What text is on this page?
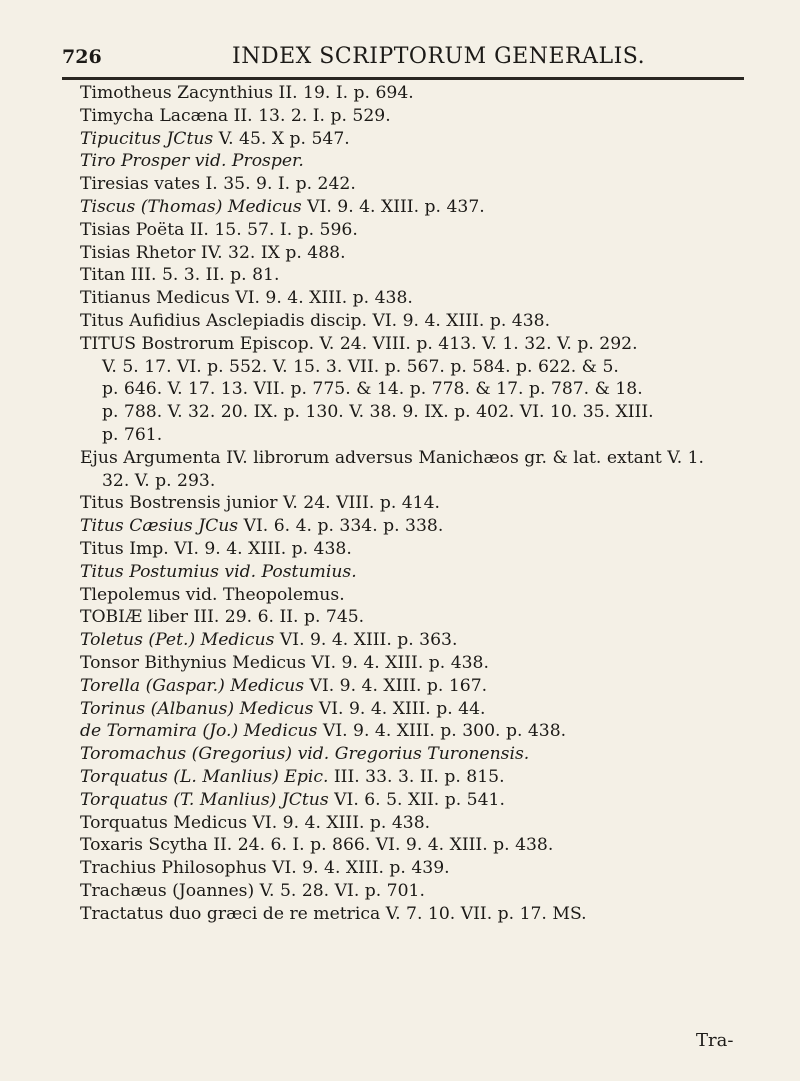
726	INDEX SCRIPTORUM GENERALIS.
Timotheus Zacynthius II. 19. I. p. 694.
Timycha Lacæna II. 13. 2. I. p. 529.
Tipucitus JCtus V. 45. X p. 547.
Tiro Prosper vid. Prosper.
Tiresias vates I. 35. 9. I. p. 242.
Tiscus (Thomas) Medicus VI. 9. 4. XIII. p. 437.
Tisias Poëta II. 15. 57. I. p. 596.
Tisias Rhetor IV. 32. IX p. 488.
Titan III. 5. 3. II. p. 81.
Titianus Medicus VI. 9. 4. XIII. p. 438.
Titus Aufidius Asclepiadis discip. VI. 9. 4. XIII. p. 438.
TITUS Bostrorum Episcop. V. 24. VIII. p. 413. V. 1. 32. V. p. 292.
V. 5. 17. VI. p. 552. V. 15. 3. VII. p. 567. p. 584. p. 622. & 5.
p. 646. V. 17. 13. VII. p. 775. & 14. p. 778. & 17. p. 787. & 18.
p. 788. V. 32. 20. IX. p. 130. V. 38. 9. IX. p. 402. VI. 10. 35. XIII.
p. 761.
Ejus Argumenta IV. librorum adversus Manichæos gr. & lat. extant V. 1.
32. V. p. 293.
Titus Bostrensis junior V. 24. VIII. p. 414.
Titus Cæsius JCus VI. 6. 4. p. 334. p. 338.
Titus Imp. VI. 9. 4. XIII. p. 438.
Titus Postumius vid. Postumius.
Tlepolemus vid. Theopolemus.
TOBIÆ liber III. 29. 6. II. p. 745.
Toletus (Pet.) Medicus VI. 9. 4. XIII. p. 363.
Tonsor Bithynius Medicus VI. 9. 4. XIII. p. 438.
Torella (Gaspar.) Medicus VI. 9. 4. XIII. p. 167.
Torinus (Albanus) Medicus VI. 9. 4. XIII. p. 44.
de Tornamira (Jo.) Medicus VI. 9. 4. XIII. p. 300. p. 438.
Toromachus (Gregorius) vid. Gregorius Turonensis.
Torquatus (L. Manlius) Epic. III. 33. 3. II. p. 815.
Torquatus (T. Manlius) JCtus VI. 6. 5. XII. p. 541.
Torquatus Medicus VI. 9. 4. XIII. p. 438.
Toxaris Scytha II. 24. 6. I. p. 866. VI. 9. 4. XIII. p. 438.
Trachius Philosophus VI. 9. 4. XIII. p. 439.
Trachæus (Joannes) V. 5. 28. VI. p. 701.
Tractatus duo græci de re metrica V. 7. 10. VII. p. 17. MS.
Tra-
